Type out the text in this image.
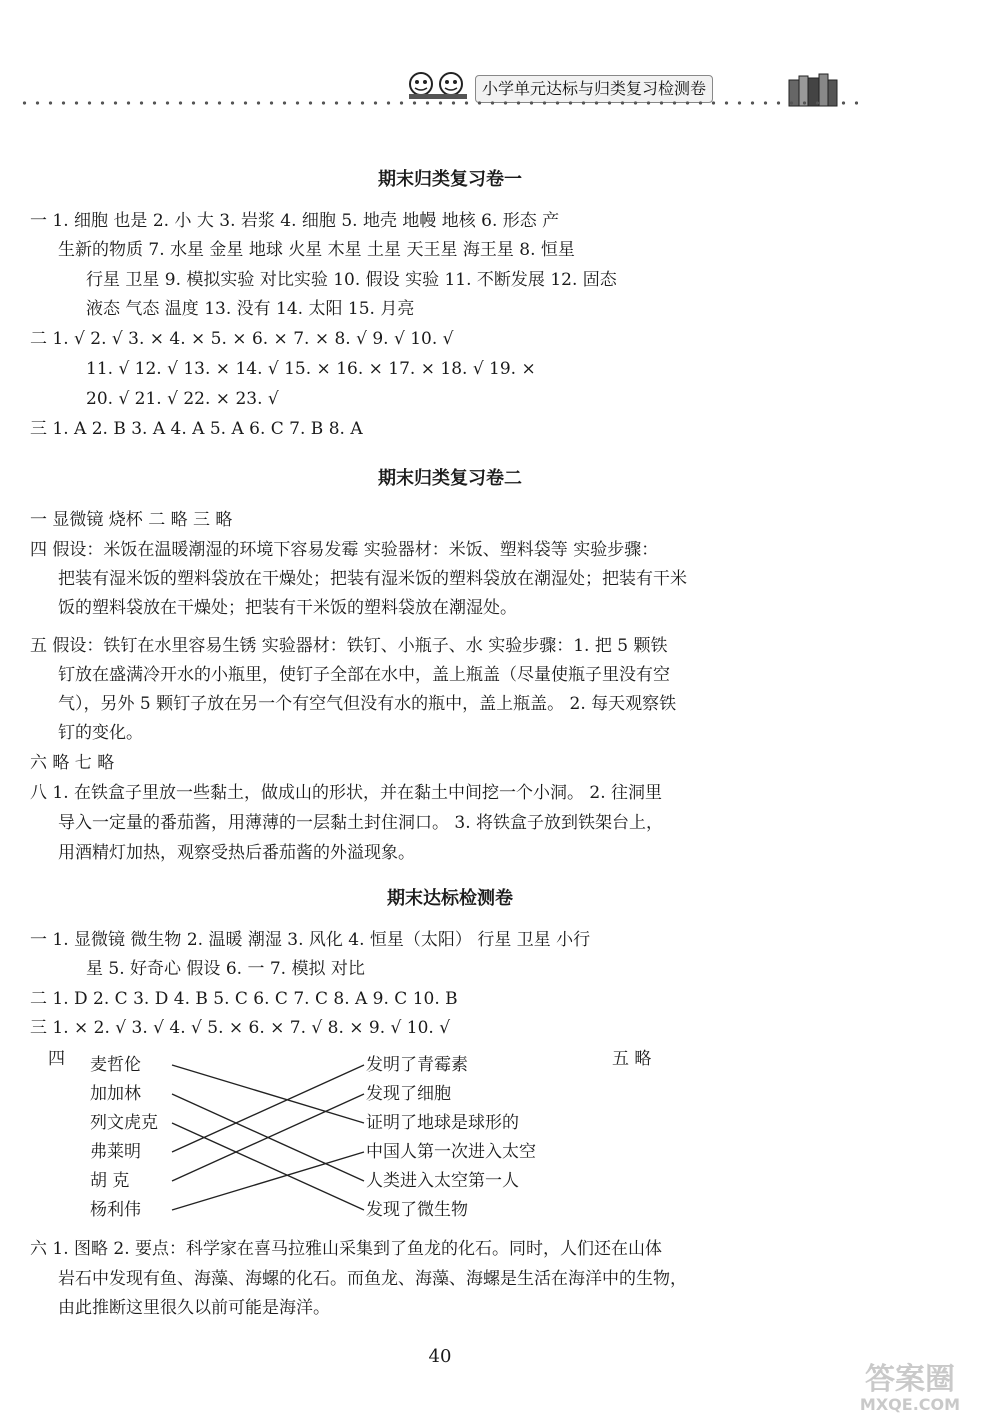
小学单元达标与归类复习检测卷
期末归类复习卷一
一 1. 细胞 也是 2. 小 大 3. 岩浆 4. 细胞 5. 地壳 地幔 地核 6. 形态 产
生新的物质 7. 水星 金星 地球 火星 木星 土星 天王星 海王星 8. 恒星
行星 卫星 9. 模拟实验 对比实验 10. 假设 实验 11. 不断发展 12. 固态
液态 气态 温度 13. 没有 14. 太阳 15. 月亮
二 1. √ 2. √ 3. × 4. × 5. × 6. × 7. × 8. √ 9. √ 10. √
11. √ 12. √ 13. × 14. √ 15. × 16. × 17. × 18. √ 19. ×
20. √ 21. √ 22. × 23. √
三 1. A 2. B 3. A 4. A 5. A 6. C 7. B 8. A
期末归类复习卷二
一 显微镜 烧杯 二 略 三 略
四 假设：米饭在温暖潮湿的环境下容易发霉 实验器材：米饭、塑料袋等 实验步骤：
把装有湿米饭的塑料袋放在干燥处；把装有湿米饭的塑料袋放在潮湿处；把装有干米
饭的塑料袋放在干燥处；把装有干米饭的塑料袋放在潮湿处。
五 假设：铁钉在水里容易生锈 实验器材：铁钉、小瓶子、水 实验步骤：1. 把 5 颗铁
钉放在盛满冷开水的小瓶里，使钉子全部在水中，盖上瓶盖（尽量使瓶子里没有空
气），另外 5 颗钉子放在另一个有空气但没有水的瓶中，盖上瓶盖。 2. 每天观察铁
钉的变化。
六 略 七 略
八 1. 在铁盒子里放一些黏土，做成山的形状，并在黏土中间挖一个小洞。 2. 往洞里
导入一定量的番茄酱，用薄薄的一层黏土封住洞口。 3. 将铁盒子放到铁架台上，
用酒精灯加热，观察受热后番茄酱的外溢现象。
期末达标检测卷
一 1. 显微镜 微生物 2. 温暖 潮湿 3. 风化 4. 恒星（太阳） 行星 卫星 小行
星 5. 好奇心 假设 6. 一 7. 模拟 对比
二 1. D 2. C 3. D 4. B 5. C 6. C 7. C 8. A 9. C 10. B
三 1. × 2. √ 3. √ 4. √ 5. × 6. × 7. √ 8. × 9. √ 10. √
四	五 略
麦哲伦
加加林
列文虎克
弗莱明
胡 克
杨利伟
发明了青霉素
发现了细胞
证明了地球是球形的
中国人第一次进入太空
人类进入太空第一人
发现了微生物
六 1. 图略 2. 要点：科学家在喜马拉雅山采集到了鱼龙的化石。同时，人们还在山体
岩石中发现有鱼、海藻、海螺的化石。而鱼龙、海藻、海螺是生活在海洋中的生物，
由此推断这里很久以前可能是海洋。
40
答案圈
MXQE.COM
